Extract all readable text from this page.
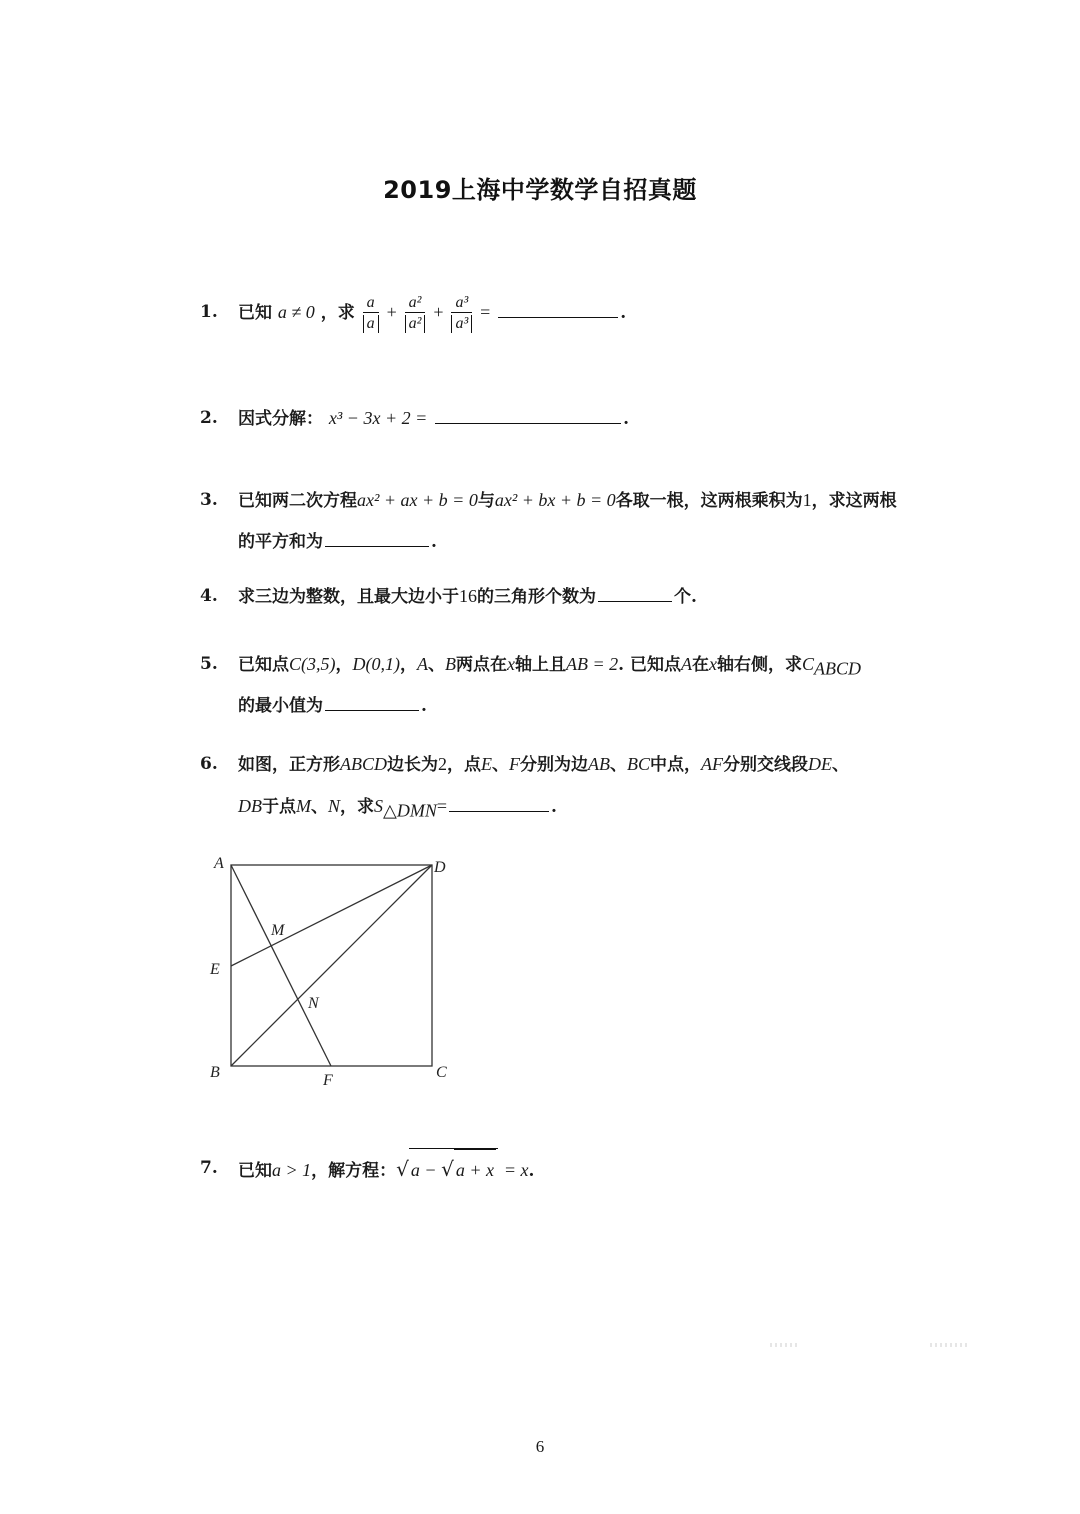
2019上海中学数学自招真题
1.	已知 a ≠ 0 ，求 $\frac{a}{a} + \frac{\text{a²}}{\text{a²}} + \frac{\text{a³}}{\text{a³}}$ =	.
2.	因式分解： x³ − 3x + 2 =	.
3.	已知两二次方程ax² + ax + b = 0与ax² + bx + b = 0各取一根，这两根乘积为1，求这两根
的平方和为	.
4.	求三边为整数，且最大边小于16的三角形个数为	个.
5.	已知点C(3,5)，D(0,1)，A、B两点在x轴上且AB = 2. 已知点A在x轴右侧，求$C_{ABCD}$
的最小值为	.
6.	如图，正方形ABCD边长为2，点E、F分别为边AB、BC中点，AF分别交线段DE、
DB于点M、N，求$S_{\triangle DMN}=$	.
A	D
E
M
N
B	F	C
7.	已知a > 1，解方程：√ a − √ a + x = x.
6
